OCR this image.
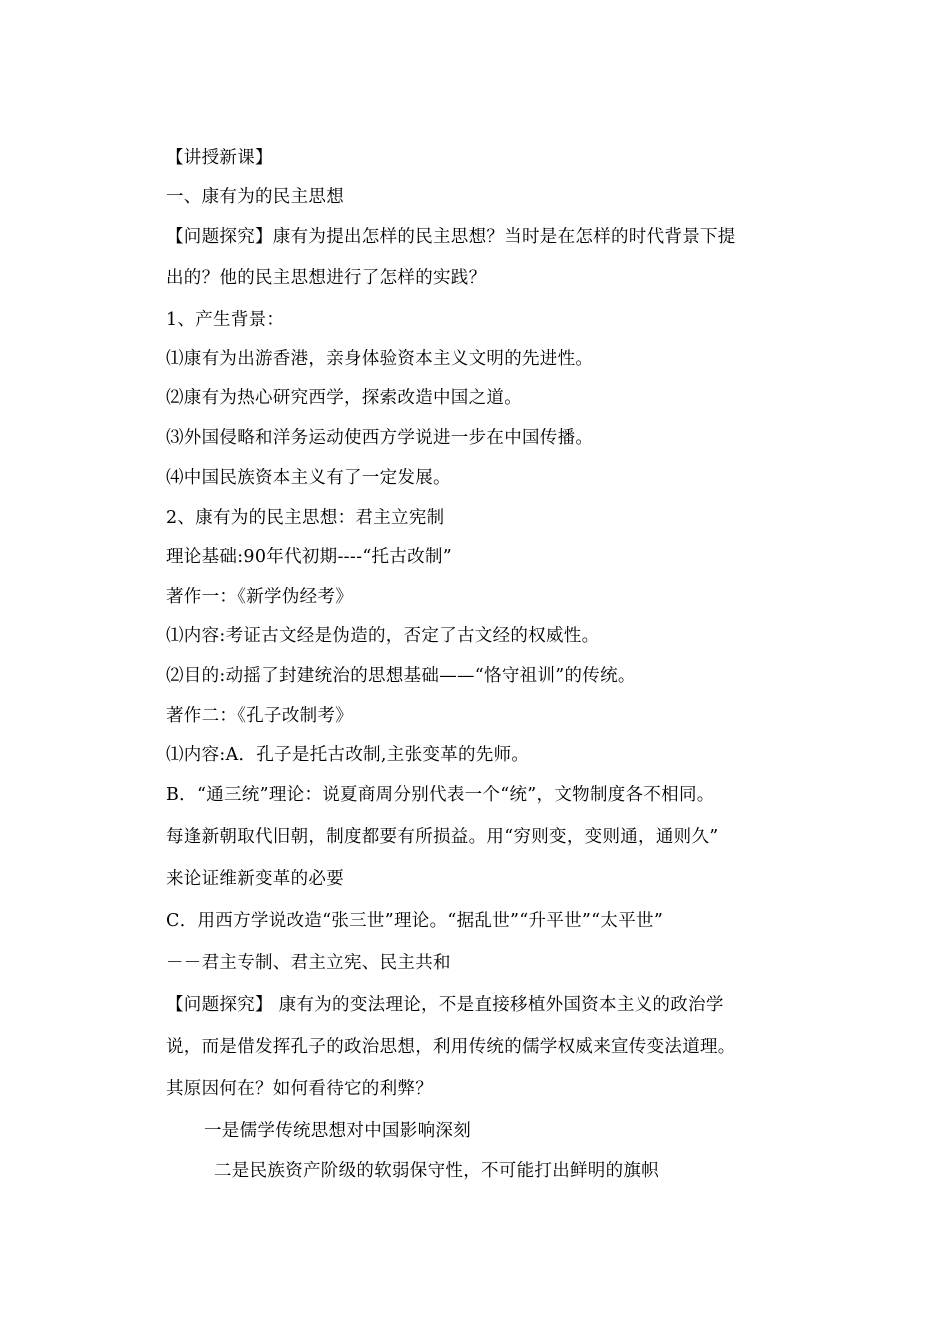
【讲授新课】
一、康有为的民主思想
【问题探究】康有为提出怎样的民主思想？当时是在怎样的时代背景下提
出的？他的民主思想进行了怎样的实践？
1、产生背景：
⑴康有为出游香港，亲身体验资本主义文明的先进性。
⑵康有为热心研究西学，探索改造中国之道。
⑶外国侵略和洋务运动使西方学说进一步在中国传播。
⑷中国民族资本主义有了一定发展。
2、康有为的民主思想：君主立宪制
理论基础:90年代初期----“托古改制”
著作一：《新学伪经考》
⑴内容:考证古文经是伪造的，否定了古文经的权威性。
⑵目的:动摇了封建统治的思想基础——“恪守祖训”的传统。
著作二：《孔子改制考》
⑴内容:A．孔子是托古改制,主张变革的先师。
B．“通三统”理论：说夏商周分别代表一个“统”，文物制度各不相同。
每逢新朝取代旧朝，制度都要有所损益。用“穷则变，变则通，通则久”
来论证维新变革的必要
C．用西方学说改造“张三世”理论。“据乱世”“升平世”“太平世”
－－君主专制、君主立宪、民主共和
【问题探究】 康有为的变法理论，不是直接移植外国资本主义的政治学
说，而是借发挥孔子的政治思想，利用传统的儒学权威来宣传变法道理。
其原因何在？如何看待它的利弊？
一是儒学传统思想对中国影响深刻
二是民族资产阶级的软弱保守性，不可能打出鲜明的旗帜
